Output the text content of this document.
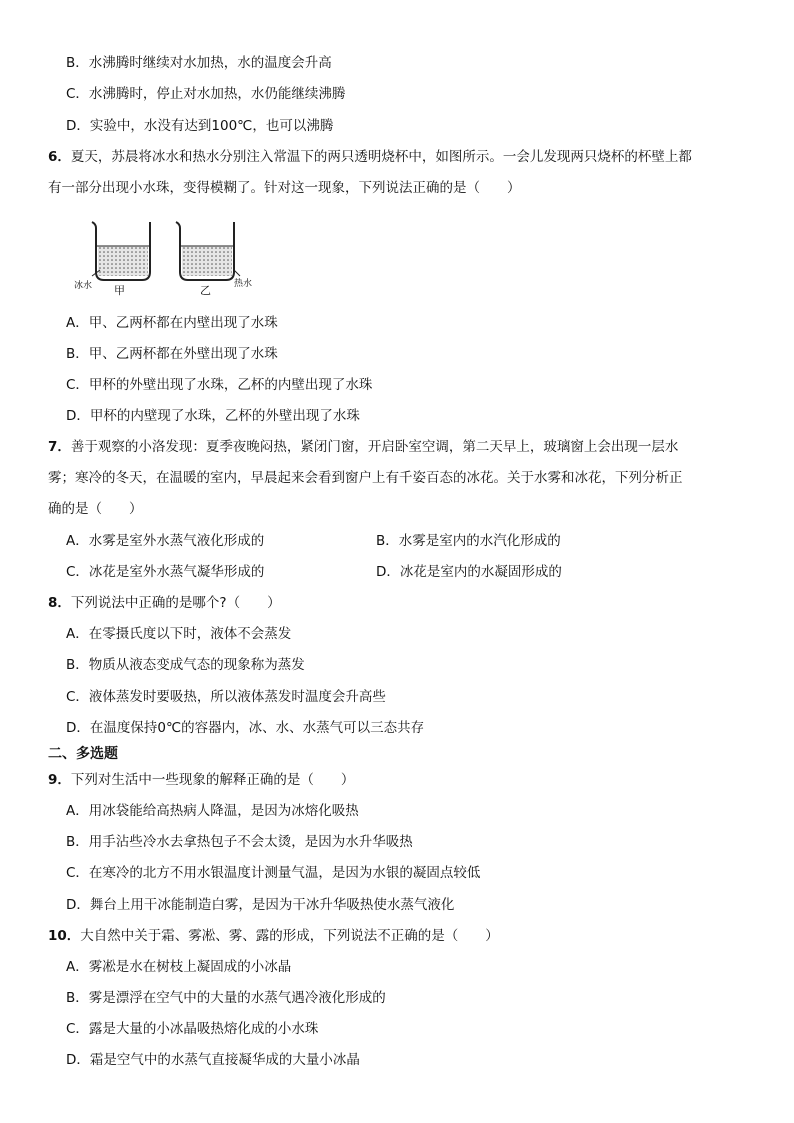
B．水沸腾时继续对水加热，水的温度会升高
C．水沸腾时，停止对水加热，水仍能继续沸腾
D．实验中，水没有达到100℃，也可以沸腾
6．夏天，苏晨将冰水和热水分别注入常温下的两只透明烧杯中，如图所示。一会儿发现两只烧杯的杯壁上都
有一部分出现小水珠，变得模糊了。针对这一现象，下列说法正确的是（　　）
冰水 甲	乙	热水
A．甲、乙两杯都在内壁出现了水珠
B．甲、乙两杯都在外壁出现了水珠
C．甲杯的外壁出现了水珠，乙杯的内壁出现了水珠
D．甲杯的内壁现了水珠，乙杯的外壁出现了水珠
7．善于观察的小洛发现：夏季夜晚闷热，紧闭门窗，开启卧室空调，第二天早上，玻璃窗上会出现一层水
雾；寒冷的冬天，在温暖的室内，早晨起来会看到窗户上有千姿百态的冰花。关于水雾和冰花，下列分析正
确的是（　　）
A．水雾是室外水蒸气液化形成的	B．水雾是室内的水汽化形成的
C．冰花是室外水蒸气凝华形成的	D．冰花是室内的水凝固形成的
8．下列说法中正确的是哪个?（　　）
A．在零摄氏度以下时，液体不会蒸发
B．物质从液态变成气态的现象称为蒸发
C．液体蒸发时要吸热，所以液体蒸发时温度会升高些
D．在温度保持0℃的容器内，冰、水、水蒸气可以三态共存
二、多选题
9．下列对生活中一些现象的解释正确的是（　　）
A．用冰袋能给高热病人降温，是因为冰熔化吸热
B．用手沾些冷水去拿热包子不会太烫，是因为水升华吸热
C．在寒冷的北方不用水银温度计测量气温，是因为水银的凝固点较低
D．舞台上用干冰能制造白雾，是因为干冰升华吸热使水蒸气液化
10．大自然中关于霜、雾凇、雾、露的形成，下列说法不正确的是（　　）
A．雾凇是水在树枝上凝固成的小冰晶
B．雾是漂浮在空气中的大量的水蒸气遇冷液化形成的
C．露是大量的小冰晶吸热熔化成的小水珠
D．霜是空气中的水蒸气直接凝华成的大量小冰晶
